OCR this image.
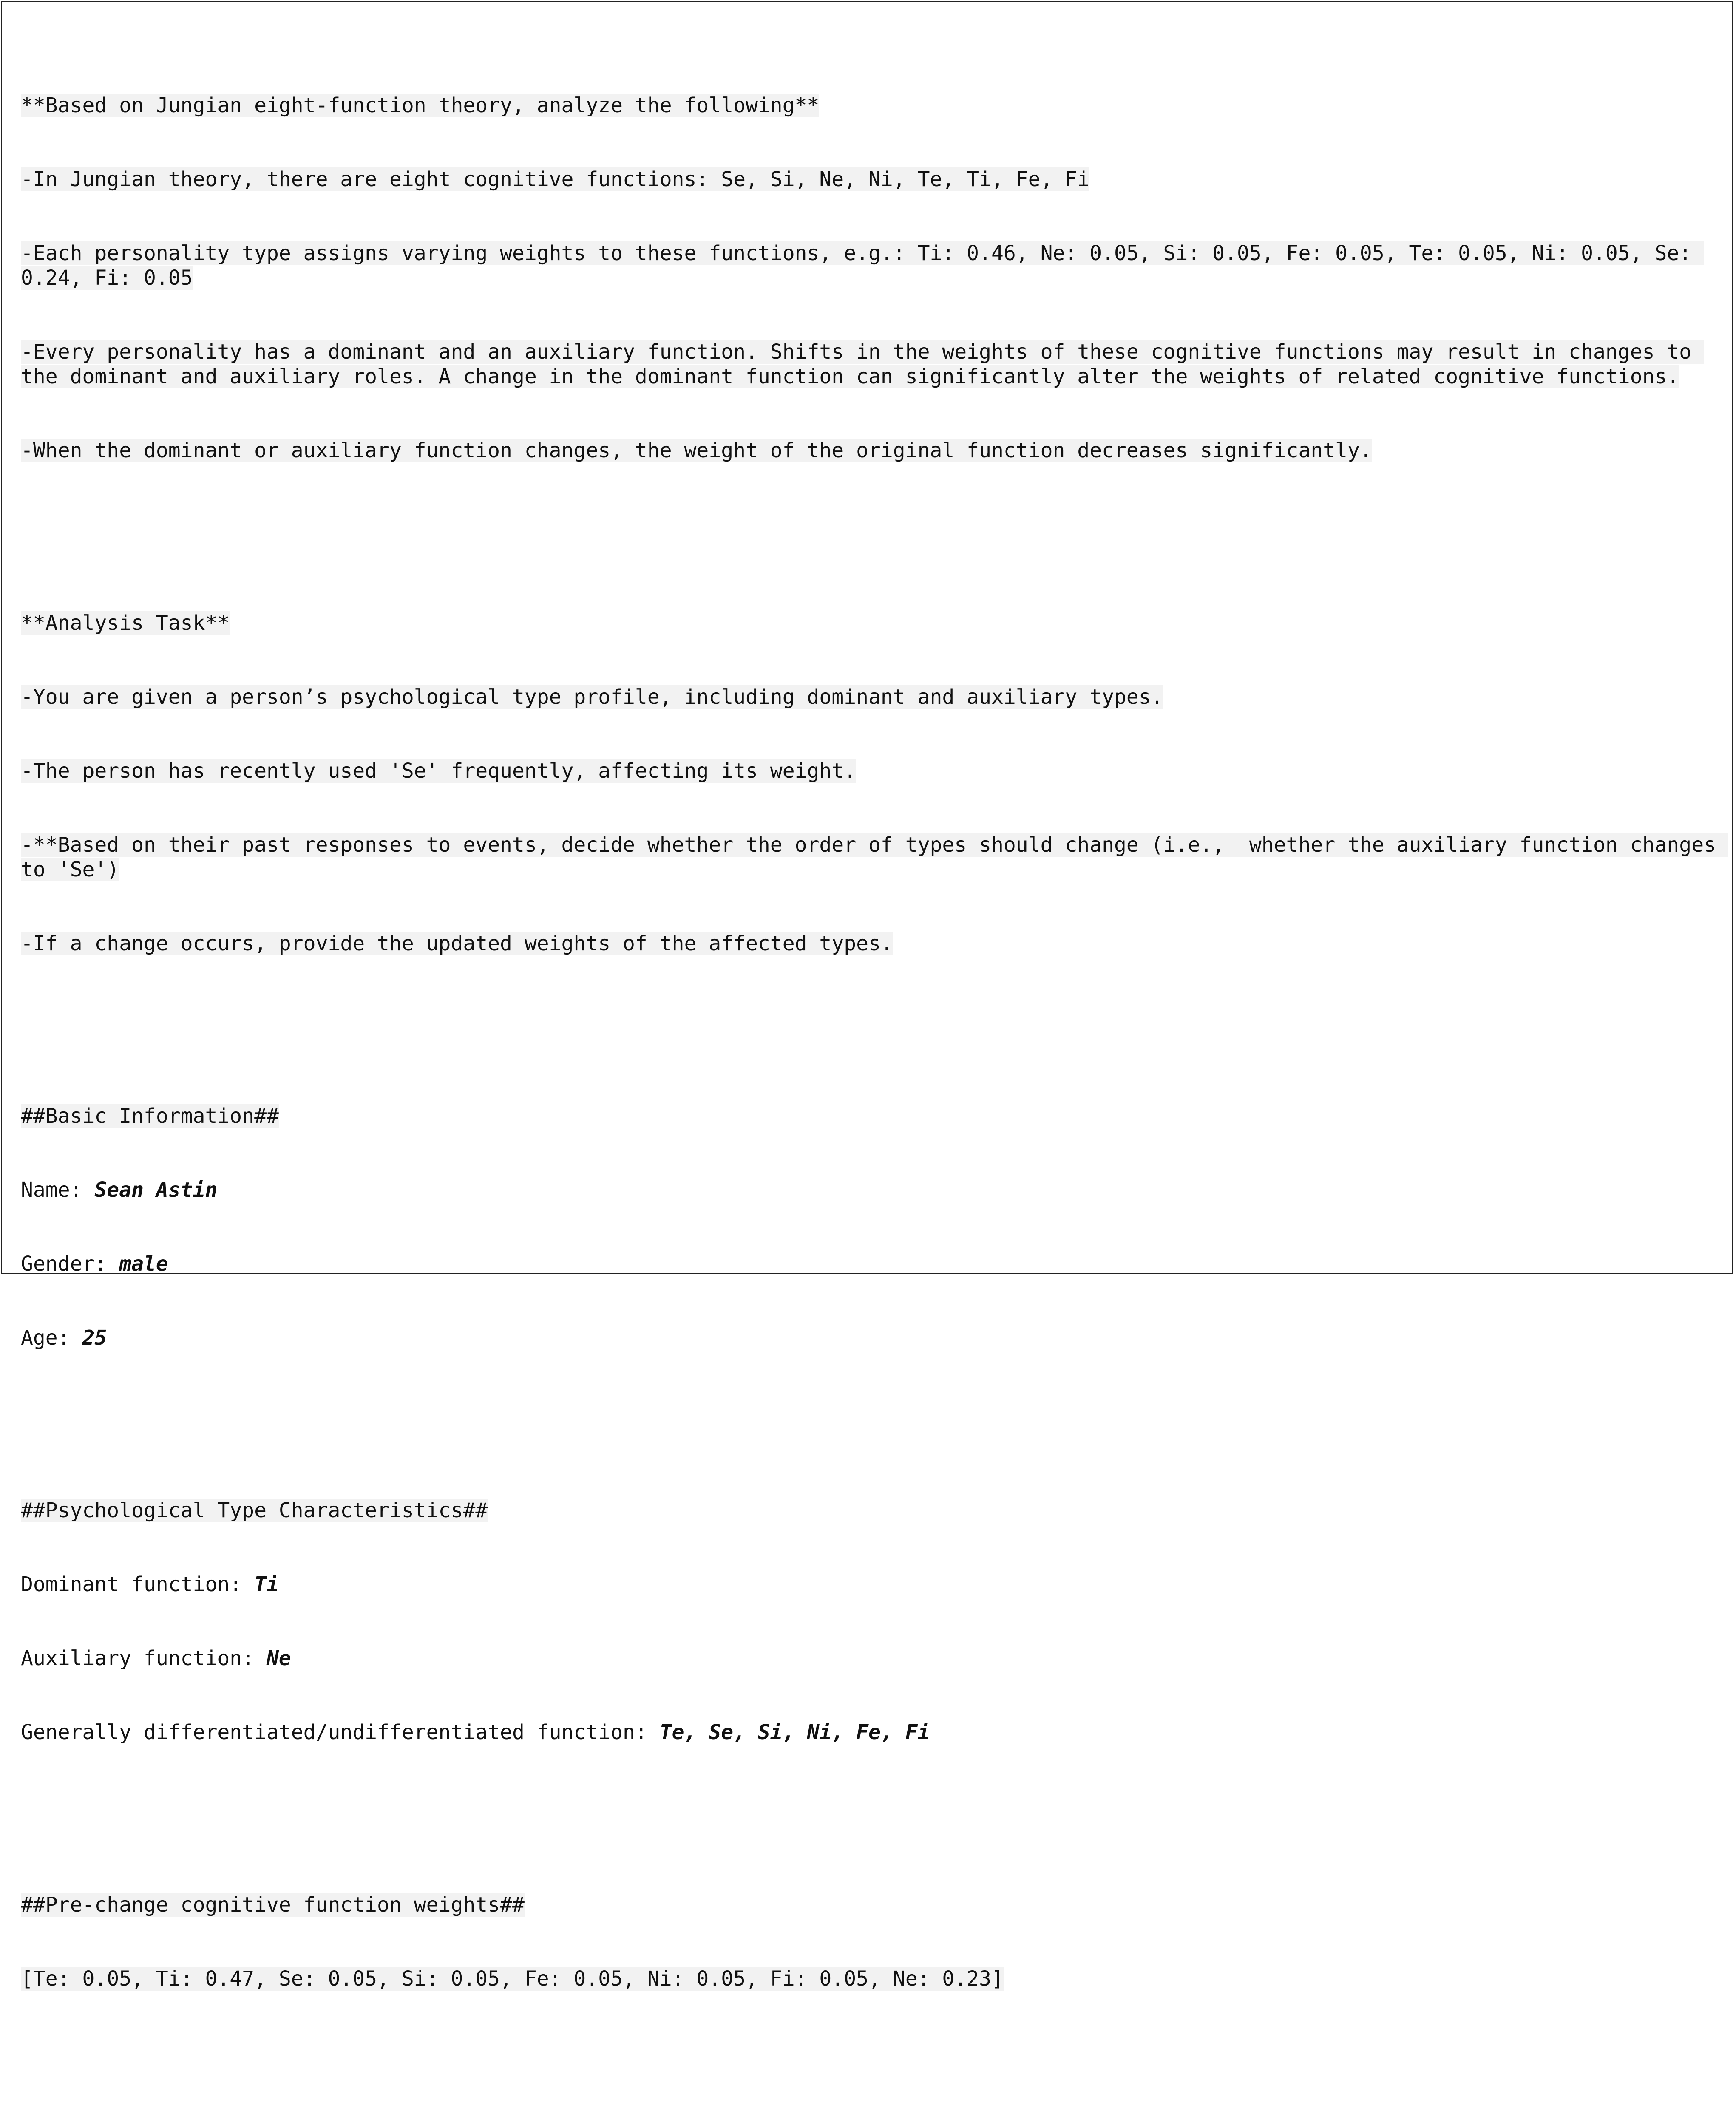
**Based on Jungian eight-function theory, analyze the following**

-In Jungian theory, there are eight cognitive functions: Se, Si, Ne, Ni, Te, Ti, Fe, Fi

-Each personality type assigns varying weights to these functions, e.g.: Ti: 0.46, Ne: 0.05, Si: 0.05, Fe: 0.05, Te: 0.05, Ni: 0.05, Se: 0.24, Fi: 0.05

-Every personality has a dominant and an auxiliary function. Shifts in the weights of these cognitive functions may result in changes to the dominant and auxiliary roles. A change in the dominant function can significantly alter the weights of related cognitive functions.

-When the dominant or auxiliary function changes, the weight of the original function decreases significantly.

**Analysis Task**

-You are given a person’s psychological type profile, including dominant and auxiliary types.

-The person has recently used 'Se' frequently, affecting its weight.

-**Based on their past responses to events, decide whether the order of types should change (i.e.,  whether the auxiliary function changes to 'Se')

-If a change occurs, provide the updated weights of the affected types.

##Basic Information##

Name: Sean Astin

Gender: male

Age: 25

##Psychological Type Characteristics##

Dominant function: Ti

Auxiliary function: Ne

Generally differentiated/undifferentiated function: Te, Se, Si, Ni, Fe, Fi

##Pre-change cognitive function weights##

[Te: 0.05, Ti: 0.47, Se: 0.05, Si: 0.05, Fe: 0.05, Ni: 0.05, Fi: 0.05, Ne: 0.23]
